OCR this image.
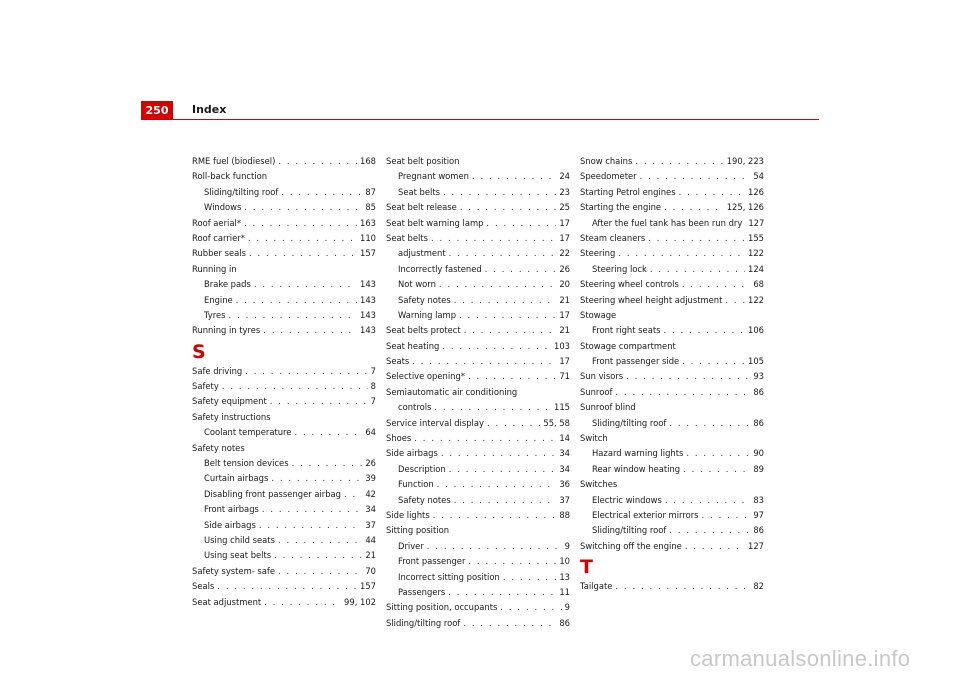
250 Index
RME fuel (biodiesel) . . .	168
Roll-back function
Sliding/tilting roof . . .	87
Windows . . .	85
Roof aerial* . . .	163
Roof carrier* . . .	110
Rubber seals . . .	157
Running in
Brake pads . . .	143
Engine . . .	143
Tyres . . .	143
Running in tyres . . .	143
S
Safe driving . . .	7
Safety . . .	8
Safety equipment . . .	7
Safety instructions
Coolant temperature . . .	64
Safety notes
Belt tension devices . . .	26
Curtain airbags . . .	39
Disabling front passenger airbag . . .	42
Front airbags . . .	34
Side airbags . . .	37
Using child seats . . .	44
Using seat belts . . .	21
Safety system- safe . . .	70
Seals . . .	157
Seat adjustment . . .	99, 102
Seat belt position
Pregnant women . . .	24
Seat belts . . .	23
Seat belt release . . .	25
Seat belt warning lamp . . .	17
Seat belts . . .	17
adjustment . . .	22
Incorrectly fastened . . .	26
Not worn . . .	20
Safety notes . . .	21
Warning lamp . . .	17
Seat belts protect . . .	21
Seat heating . . .	103
Seats . . .	17
Selective opening* . . .	71
Semiautomatic air conditioning
controls . . .	115
Service interval display . . .	55, 58
Shoes . . .	14
Side airbags . . .	34
Description . . .	34
Function . . .	36
Safety notes . . .	37
Side lights . . .	88
Sitting position
Driver . . .	9
Front passenger . . .	10
Incorrect sitting position . . .	13
Passengers . . .	11
Sitting position, occupants . . .	9
Sliding/tilting roof . . .	86
Snow chains . . .	190, 223
Speedometer . . .	54
Starting Petrol engines . . .	126
Starting the engine . . .	125, 126
After the fuel tank has been run dry 127
Steam cleaners . . .	155
Steering . . .	122
Steering lock . . .	124
Steering wheel controls . . .	68
Steering wheel height adjustment . . .	122
Stowage
Front right seats . . .	106
Stowage compartment
Front passenger side . . .	105
Sun visors . . .	93
Sunroof . . .	86
Sunroof blind
Sliding/tilting roof . . .	86
Switch
Hazard warning lights . . .	90
Rear window heating . . .	89
Switches
Electric windows . . .	83
Electrical exterior mirrors . . .	97
Sliding/tilting roof . . .	86
Switching off the engine . . .	127
T
Tailgate . . .	82
carmanualsonline.info
